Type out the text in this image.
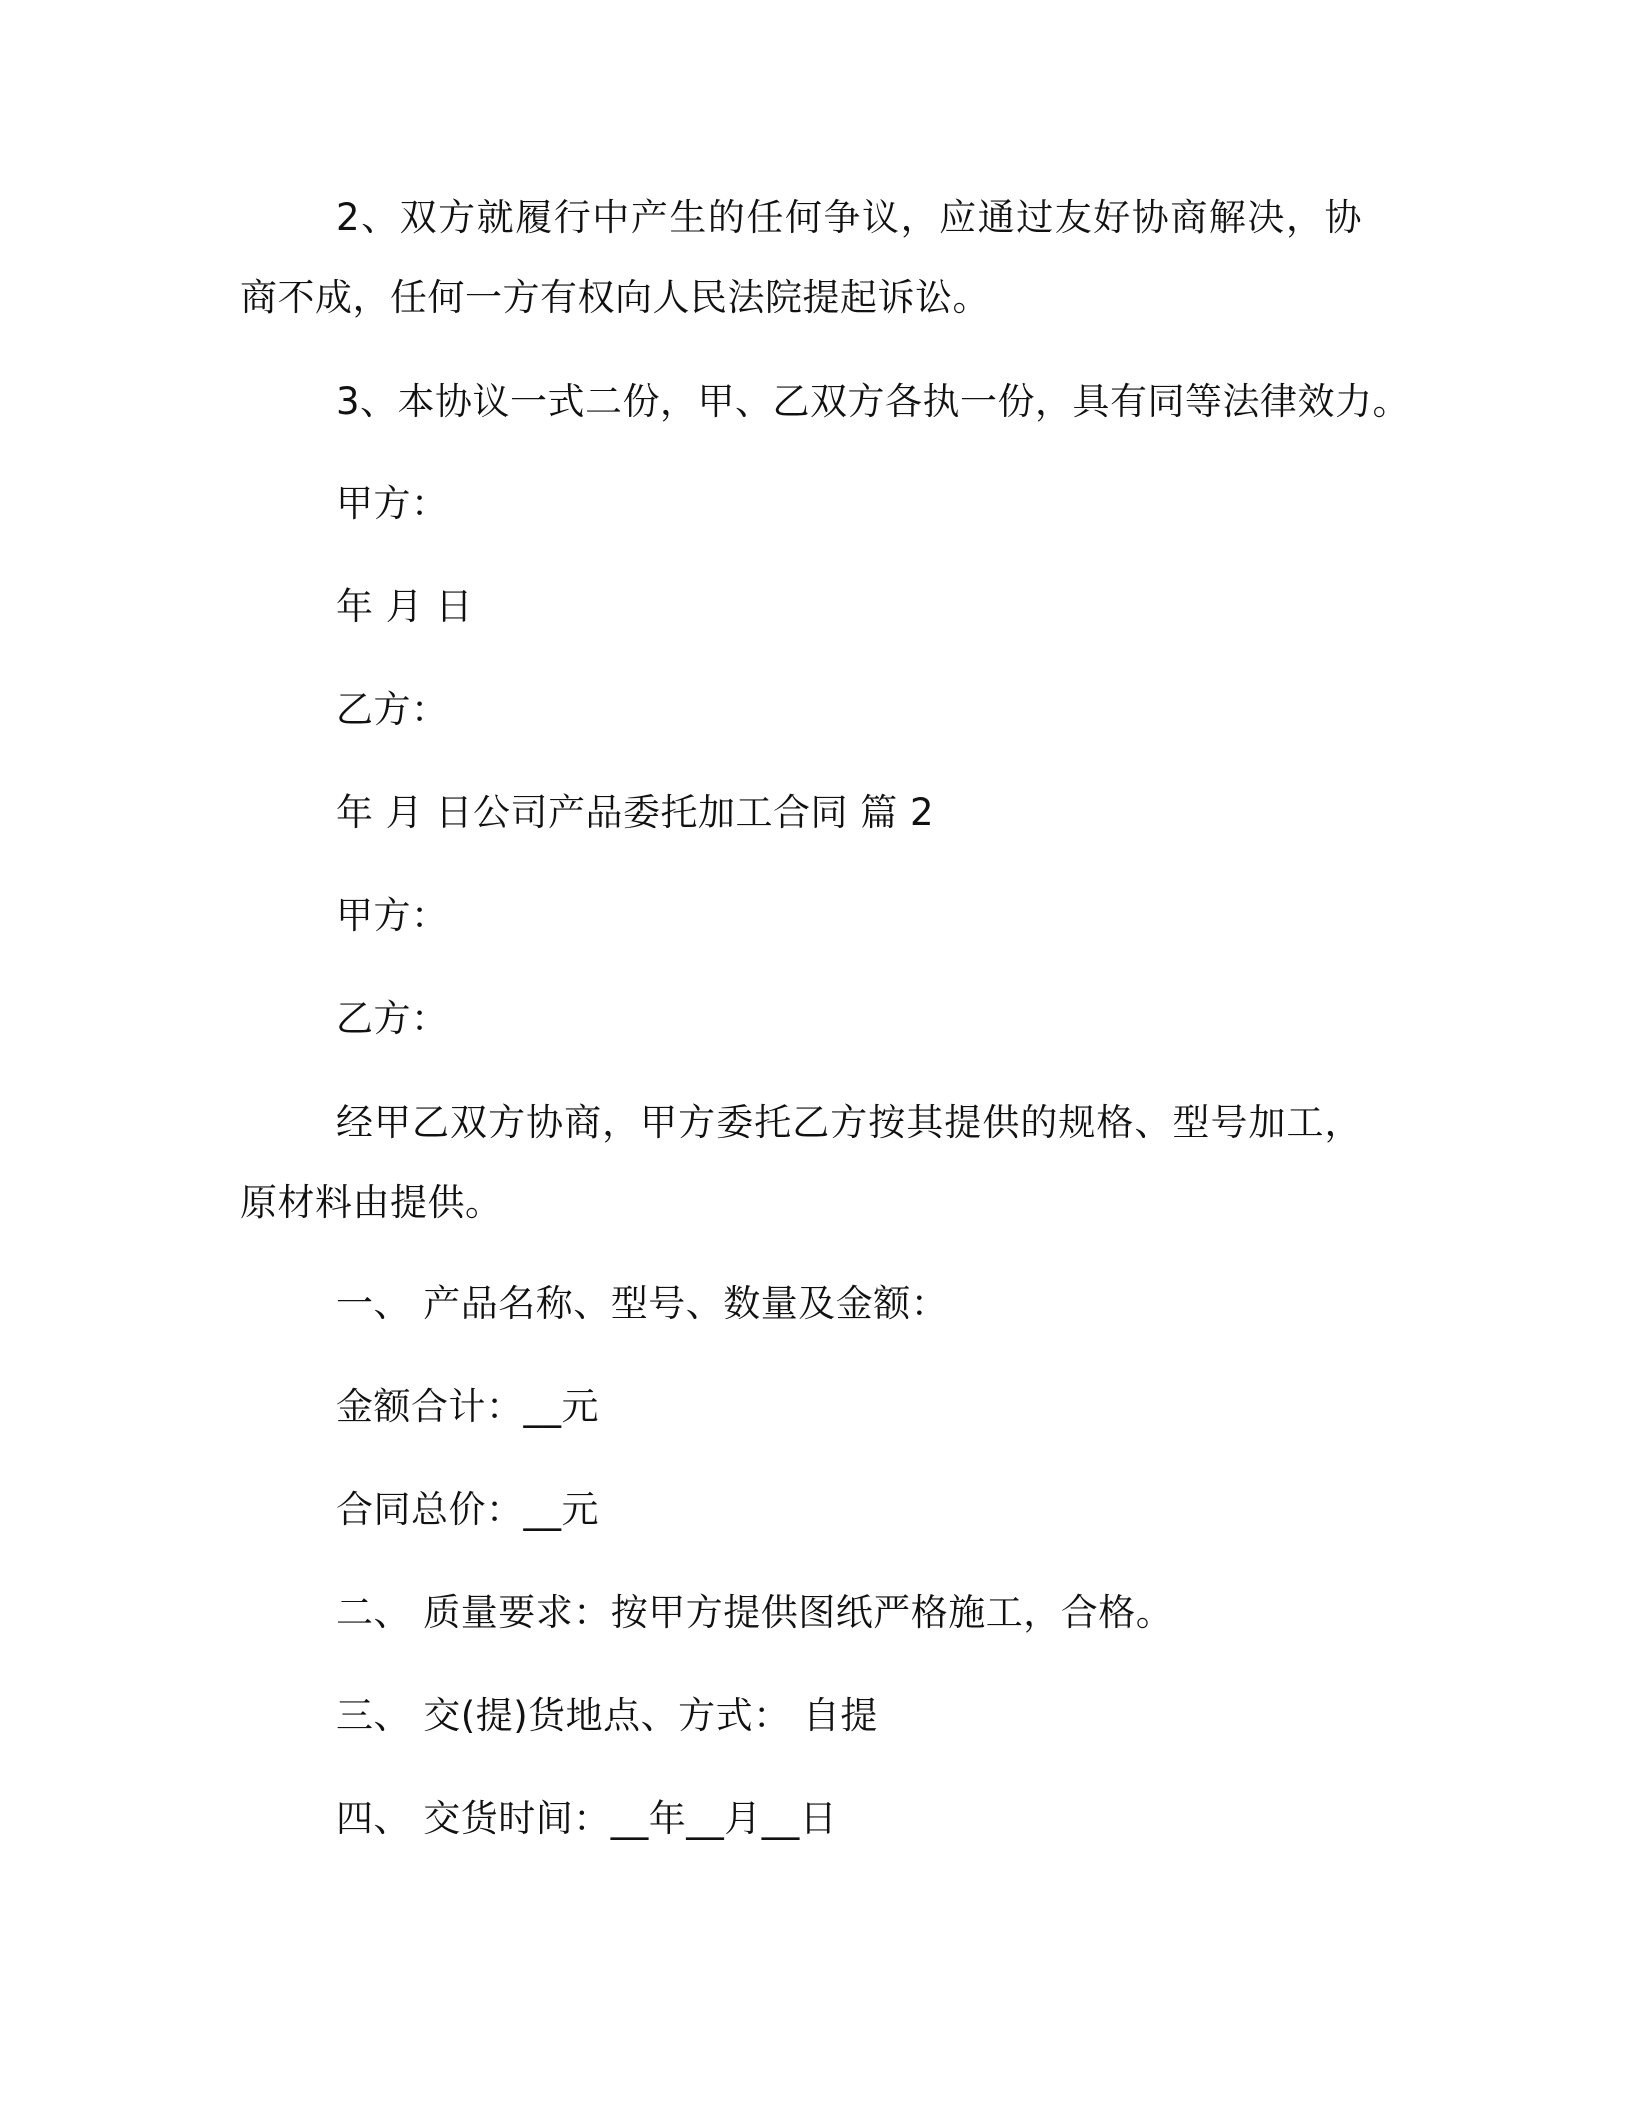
2、双方就履行中产生的任何争议，应通过友好协商解决，协商不成，任何一方有权向人民法院提起诉讼。
3、本协议一式二份，甲、乙双方各执一份，具有同等法律效力。
甲方：
年 月 日
乙方：
年 月 日公司产品委托加工合同 篇 2
甲方：
乙方：
经甲乙双方协商，甲方委托乙方按其提供的规格、型号加工，原材料由提供。
一、 产品名称、型号、数量及金额：
金额合计：__元
合同总价：__元
二、 质量要求：按甲方提供图纸严格施工，合格。
三、 交(提)货地点、方式： 自提
四、 交货时间：__年__月__日
